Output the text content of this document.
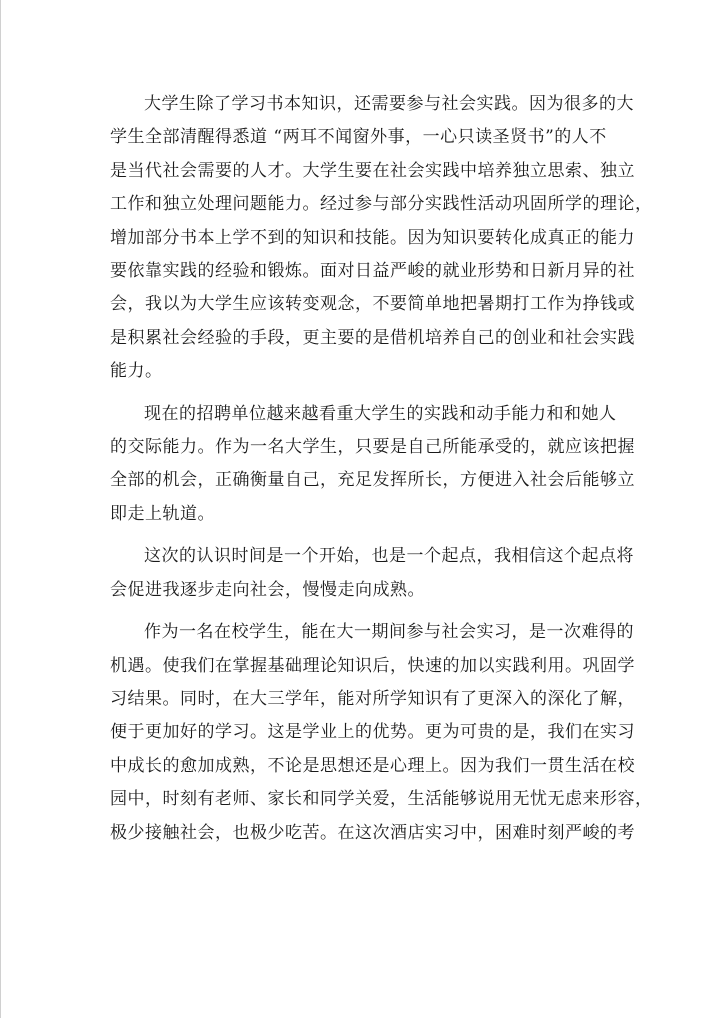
大学生除了学习书本知识，还需要参与社会实践。因为很多的大
学生全部清醒得悉道 “两耳不闻窗外事，一心只读圣贤书”的人不
是当代社会需要的人才。大学生要在社会实践中培养独立思索、独立
工作和独立处理问题能力。经过参与部分实践性活动巩固所学的理论，
增加部分书本上学不到的知识和技能。因为知识要转化成真正的能力
要依靠实践的经验和锻炼。面对日益严峻的就业形势和日新月异的社
会，我以为大学生应该转变观念，不要简单地把暑期打工作为挣钱或
是积累社会经验的手段，更主要的是借机培养自己的创业和社会实践
能力。

现在的招聘单位越来越看重大学生的实践和动手能力和和她人
的交际能力。作为一名大学生，只要是自己所能承受的，就应该把握
全部的机会，正确衡量自己，充足发挥所长，方便进入社会后能够立
即走上轨道。

这次的认识时间是一个开始，也是一个起点，我相信这个起点将
会促进我逐步走向社会，慢慢走向成熟。

作为一名在校学生，能在大一期间参与社会实习，是一次难得的
机遇。使我们在掌握基础理论知识后，快速的加以实践利用。巩固学
习结果。同时，在大三学年，能对所学知识有了更深入的深化了解，
便于更加好的学习。这是学业上的优势。更为可贵的是，我们在实习
中成长的愈加成熟，不论是思想还是心理上。因为我们一贯生活在校
园中，时刻有老师、家长和同学关爱，生活能够说用无忧无虑来形容，
极少接触社会，也极少吃苦。在这次酒店实习中，困难时刻严峻的考
